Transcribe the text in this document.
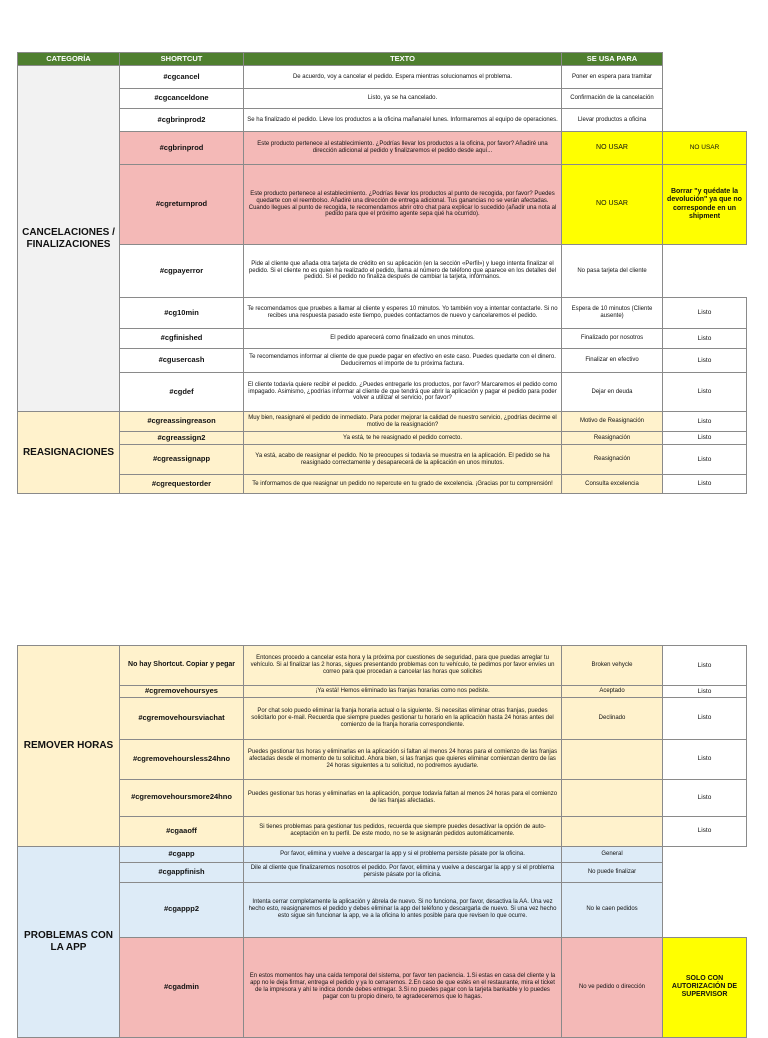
CATEGORÍA	SHORTCUT	TEXTO	SE USA PARA	
CANCELACIONES / FINALIZACIONES	#cgcancel	De acuerdo, voy a cancelar el pedido. Espera mientras solucionamos el problema.	Poner en espera para tramitar	
	#cgcanceldone	Listo, ya se ha cancelado.	Confirmación de la cancelación	
	#cgbrinprod2	Se ha finalizado el pedido. Lleve los productos a la oficina mañana/el lunes. Informaremos al equipo de operaciones.	Llevar productos a oficina	
	#cgbrinprod	Este producto pertenece al establecimiento. ¿Podrías llevar los productos a la oficina, por favor? Añadiré una dirección adicional al pedido y finalizaremos el pedido desde aquí...	NO USAR	NO USAR
	#cgreturnprod	Este producto pertenece al establecimiento. ¿Podrías llevar los productos al punto de recogida, por favor? Puedes quedarte con el reembolso. Añadiré una dirección de entrega adicional. Tus ganancias no se verán afectadas. Cuando llegues al punto de recogida, te recomendamos abrir otro chat para explicar lo sucedido (añadir una nota al pedido para que el próximo agente sepa qué ha ocurrido).	NO USAR	Borrar "y quédate la devolución" ya que no corresponde en un shipment
	#cgpayerror	Pide al cliente que añada otra tarjeta de crédito en su aplicación (en la sección «Perfil») y luego intenta finalizar el pedido. Si el cliente no es quien ha realizado el pedido, llama al número de teléfono que aparece en los detalles del pedido. Si el pedido no finaliza después de cambiar la tarjeta, infórmanos.	No pasa tarjeta del cliente	
	#cg10min	Te recomendamos que pruebes a llamar al cliente y esperes 10 minutos. Yo también voy a intentar contactarle. Si no recibes una respuesta pasado este tiempo, puedes contactarnos de nuevo y cancelaremos el pedido.	Espera de 10 minutos (Cliente ausente)	Listo
	#cgfinished	El pedido aparecerá como finalizado en unos minutos.	Finalizado por nosotros	Listo
	#cgusercash	Te recomendamos informar al cliente de que puede pagar en efectivo en este caso. Puedes quedarte con el dinero. Deduciremos el importe de tu próxima factura.	Finalizar en efectivo	Listo
	#cgdef	El cliente todavía quiere recibir el pedido. ¿Puedes entregarle los productos, por favor? Marcaremos el pedido como impagado. Asimismo, ¿podrías informar al cliente de que tendrá que abrir la aplicación y pagar el pedido para poder volver a utilizar el servicio, por favor?	Dejar en deuda	Listo
REASIGNACIONES	#cgreassingreason	Muy bien, reasignaré el pedido de inmediato. Para poder mejorar la calidad de nuestro servicio, ¿podrías decirme el motivo de la reasignación?	Motivo de Reasignación	Listo
	#cgreassign2	Ya está, te he reasignado el pedido correcto.	Reasignación	Listo
	#cgreassignapp	Ya está, acabo de reasignar el pedido. No te preocupes si todavía se muestra en la aplicación. El pedido se ha reasignado correctamente y desaparecerá de la aplicación en unos minutos.	Reasignación	Listo
	#cgrequestorder	Te informamos de que reasignar un pedido no repercute en tu grado de excelencia. ¡Gracias por tu comprensión!	Consulta excelencia	Listo
REMOVER HORAS	No hay Shortcut. Copiar y pegar	Entonces procedo a cancelar esta hora y la próxima por cuestiones de seguridad, para que puedas arreglar tu vehículo. Si al finalizar las 2 horas, sigues presentando problemas con tu vehículo, te pedimos por favor envíes un correo para que procedan a cancelar las horas que solicites	Broken vehycle	Listo
	#cgremovehoursyes	¡Ya está! Hemos eliminado las franjas horarias como nos pediste.	Aceptado	Listo
	#cgremovehoursviachat	Por chat solo puedo eliminar la franja horaria actual o la siguiente. Si necesitas eliminar otras franjas, puedes solicitarlo por e-mail. Recuerda que siempre puedes gestionar tu horario en la aplicación hasta 24 horas antes del comienzo de la franja horaria correspondiente.	Declinado	Listo
	#cgremovehoursless24hno	Puedes gestionar tus horas y eliminarlas en la aplicación si faltan al menos 24 horas para el comienzo de las franjas afectadas desde el momento de tu solicitud. Ahora bien, si las franjas que quieres eliminar comienzan dentro de las 24 horas siguientes a tu solicitud, no podremos ayudarte.		Listo
	#cgremovehoursmore24hno	Puedes gestionar tus horas y eliminarlas en la aplicación, porque todavía faltan al menos 24 horas para el comienzo de las franjas afectadas.		Listo
	#cgaaoff	Si tienes problemas para gestionar tus pedidos, recuerda que siempre puedes desactivar la opción de auto-aceptación en tu perfil. De este modo, no se te asignarán pedidos automáticamente.		Listo
PROBLEMAS CON LA APP	#cgapp	Por favor, elimina y vuelve a descargar la app y si el problema persiste pásate por la oficina.	General	
	#cgappfinish	Dile al cliente que finalizaremos nosotros el pedido. Por favor, elimina y vuelve a descargar la app y si el problema persiste pásate por la oficina.	No puede finalizar	
	#cgappp2	Intenta cerrar completamente la aplicación y ábrela de nuevo. Si no funciona, por favor, desactiva la AA. Una vez hecho esto, reasignaremos el pedido y debes eliminar la app del teléfono y descargarla de nuevo. Si una vez hecho esto sigue sin funcionar la app, ve a la oficina lo antes posible para que revisen lo que ocurre.	No le caen pedidos	
	#cgadmin	En estos momentos hay una caída temporal del sistema, por favor ten paciencia. 1.Si estas en casa del cliente y la app no le deja firmar, entrega el pedido y ya lo cerraremos. 2.En caso de que estés en el restaurante, mira el ticket de la impresora y ahí te indica donde debes entregar. 3.Si no puedes pagar con la tarjeta bankable y lo puedes pagar con tu propio dinero, te agradeceremos que lo hagas.	No ve pedido o dirección	SOLO CON AUTORIZACIÓN DE SUPERVISOR
